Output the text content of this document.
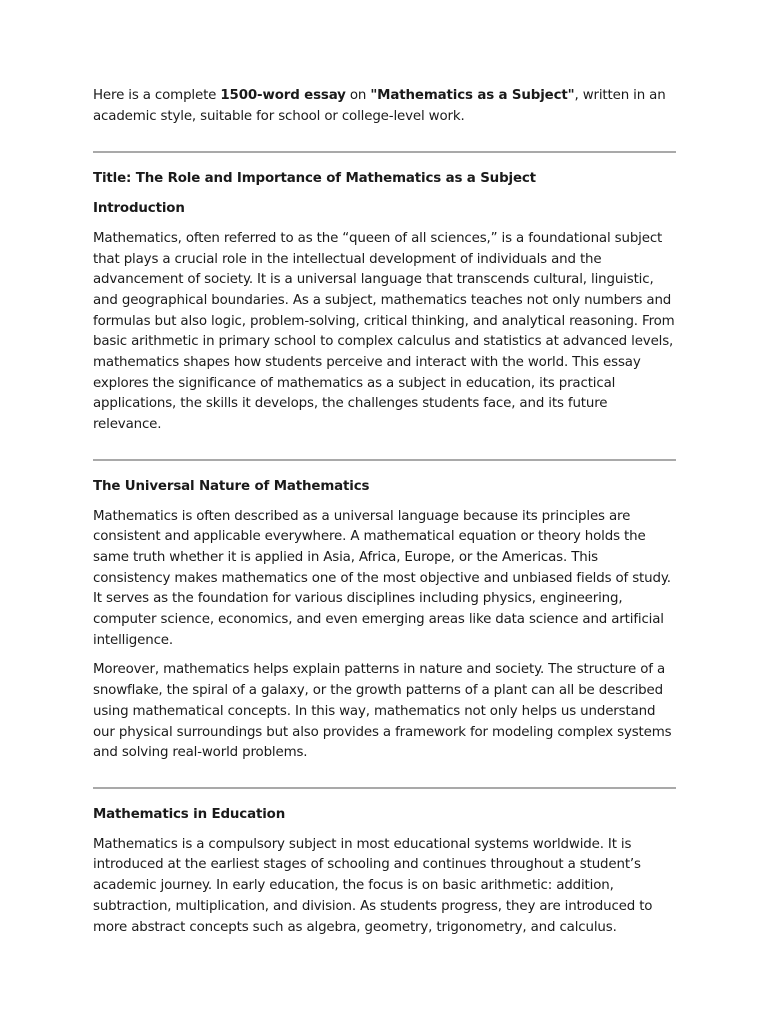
Here is a complete 1500-word essay on "Mathematics as a Subject", written in an academic style, suitable for school or college-level work.

Title: The Role and Importance of Mathematics as a Subject

Introduction

Mathematics, often referred to as the “queen of all sciences,” is a foundational subject that plays a crucial role in the intellectual development of individuals and the advancement of society. It is a universal language that transcends cultural, linguistic, and geographical boundaries. As a subject, mathematics teaches not only numbers and formulas but also logic, problem-solving, critical thinking, and analytical reasoning. From basic arithmetic in primary school to complex calculus and statistics at advanced levels, mathematics shapes how students perceive and interact with the world. This essay explores the significance of mathematics as a subject in education, its practical applications, the skills it develops, the challenges students face, and its future relevance.

The Universal Nature of Mathematics

Mathematics is often described as a universal language because its principles are consistent and applicable everywhere. A mathematical equation or theory holds the same truth whether it is applied in Asia, Africa, Europe, or the Americas. This consistency makes mathematics one of the most objective and unbiased fields of study. It serves as the foundation for various disciplines including physics, engineering, computer science, economics, and even emerging areas like data science and artificial intelligence.

Moreover, mathematics helps explain patterns in nature and society. The structure of a snowflake, the spiral of a galaxy, or the growth patterns of a plant can all be described using mathematical concepts. In this way, mathematics not only helps us understand our physical surroundings but also provides a framework for modeling complex systems and solving real-world problems.

Mathematics in Education

Mathematics is a compulsory subject in most educational systems worldwide. It is introduced at the earliest stages of schooling and continues throughout a student’s academic journey. In early education, the focus is on basic arithmetic: addition, subtraction, multiplication, and division. As students progress, they are introduced to more abstract concepts such as algebra, geometry, trigonometry, and calculus.
